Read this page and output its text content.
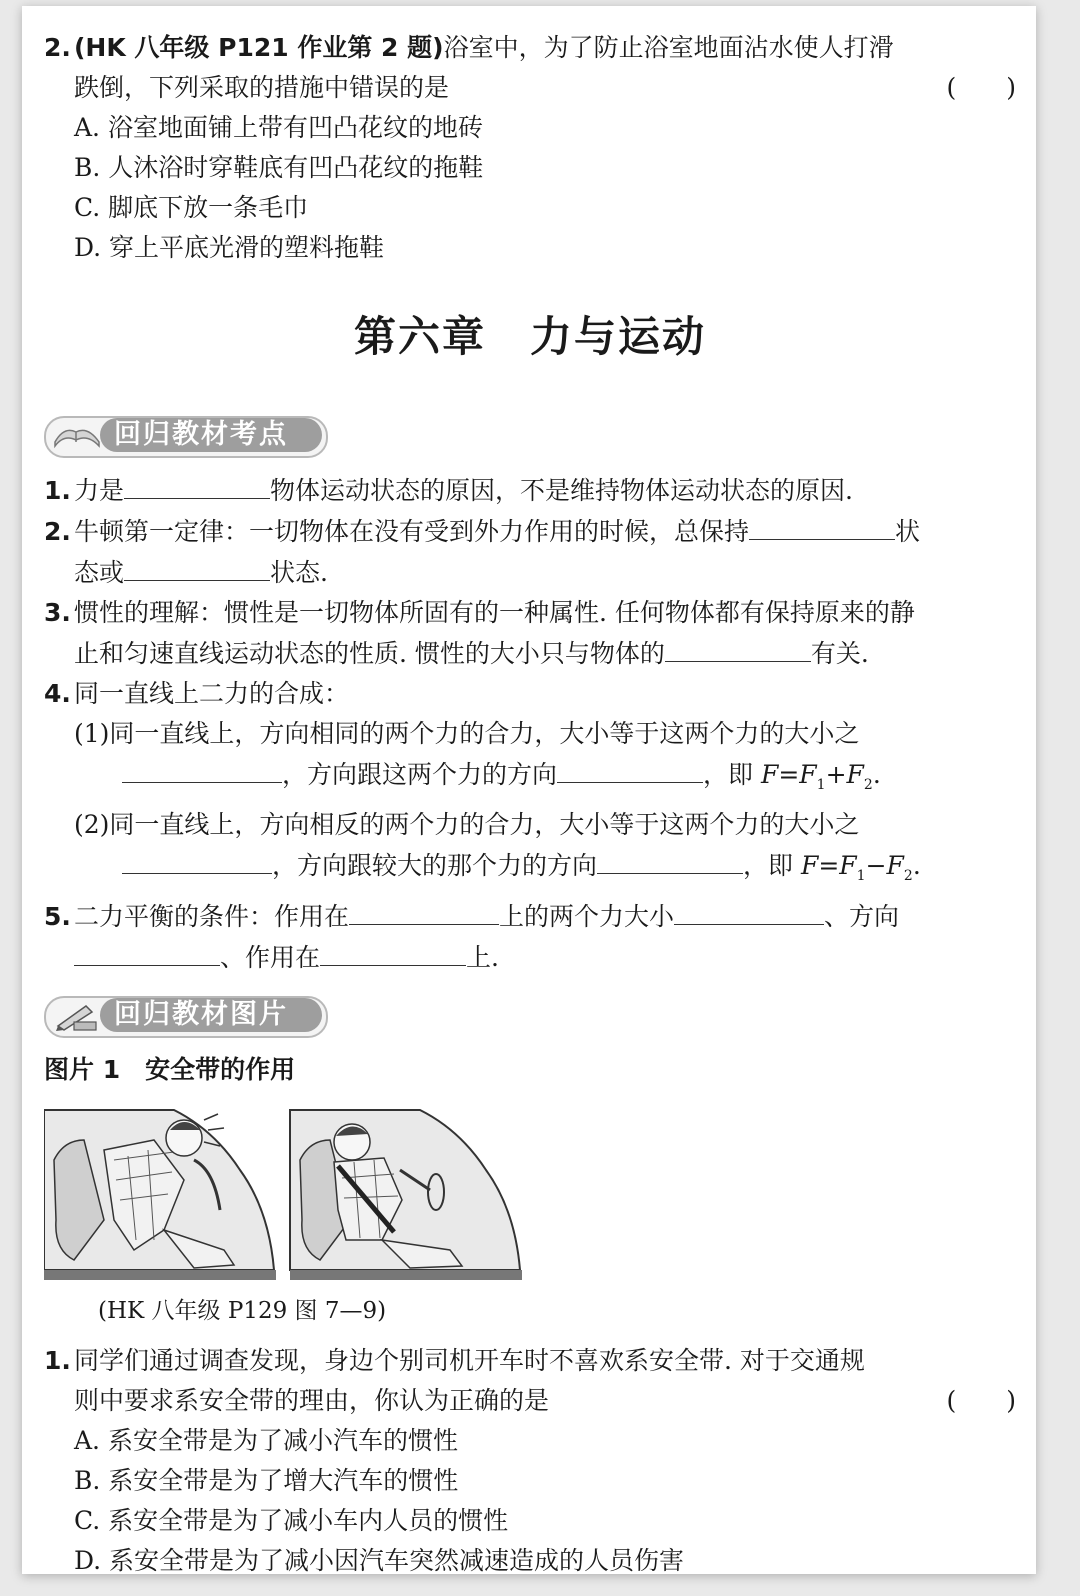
2. (HK 八年级 P121 作业第 2 题)浴室中，为了防止浴室地面沾水使人打滑
跌倒，下列采取的措施中错误的是	(　　)
A. 浴室地面铺上带有凹凸花纹的地砖
B. 人沐浴时穿鞋底有凹凸花纹的拖鞋
C. 脚底下放一条毛巾
D. 穿上平底光滑的塑料拖鞋
第六章　力与运动
回归教材考点
1. 力是	物体运动状态的原因，不是维持物体运动状态的原因.
2. 牛顿第一定律：一切物体在没有受到外力作用的时候，总保持	状
态或	状态.
3. 惯性的理解：惯性是一切物体所固有的一种属性. 任何物体都有保持原来的静
止和匀速直线运动状态的性质. 惯性的大小只与物体的	有关.
4. 同一直线上二力的合成：
(1)同一直线上，方向相同的两个力的合力，大小等于这两个力的大小之
，方向跟这两个力的方向	，即 $F=F_1+F_2$.
(2)同一直线上，方向相反的两个力的合力，大小等于这两个力的大小之
，方向跟较大的那个力的方向	，即 $F=F_1-F_2$.
5. 二力平衡的条件：作用在	上的两个力大小	、方向
、作用在	上.
回归教材图片
图片 1　安全带的作用
(HK 八年级 P129 图 7—9)
1. 同学们通过调查发现，身边个别司机开车时不喜欢系安全带. 对于交通规
则中要求系安全带的理由，你认为正确的是	(　　)
A. 系安全带是为了减小汽车的惯性
B. 系安全带是为了增大汽车的惯性
C. 系安全带是为了减小车内人员的惯性
D. 系安全带是为了减小因汽车突然减速造成的人员伤害
